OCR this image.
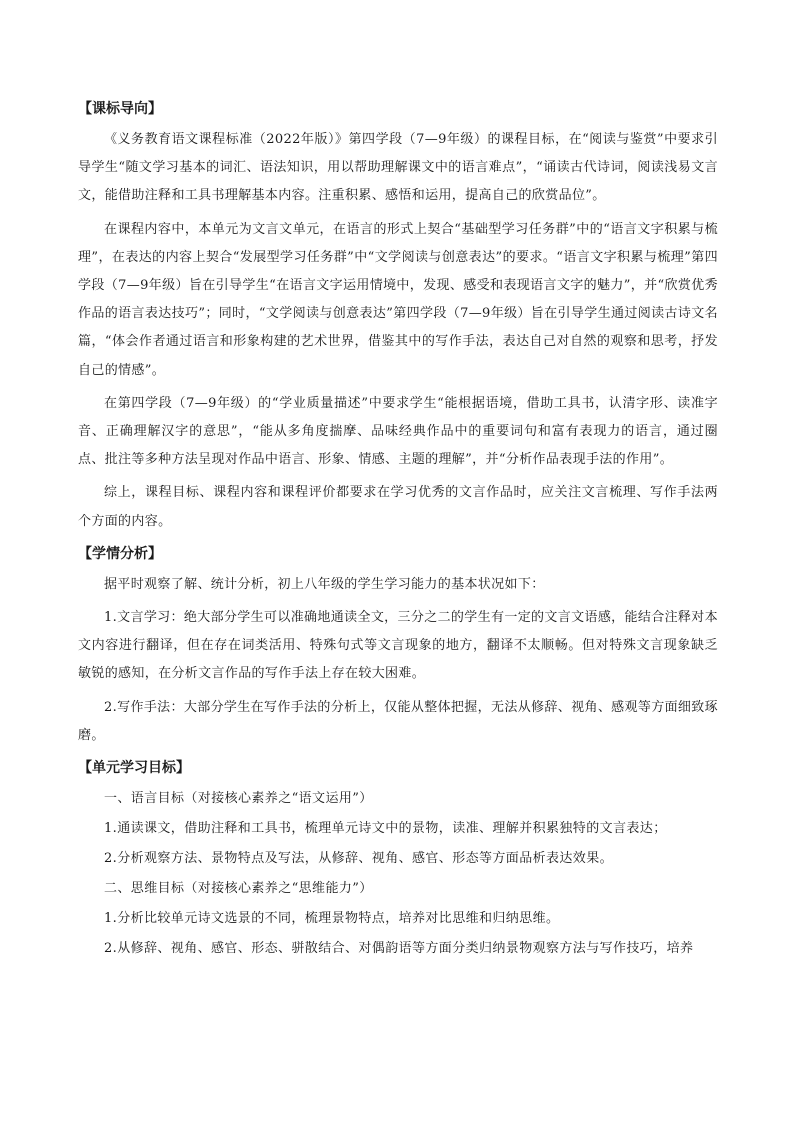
【课标导向】

《义务教育语文课程标准（2022年版）》第四学段（7—9年级）的课程目标，在“阅读与鉴赏”中要求引导学生“随文学习基本的词汇、语法知识，用以帮助理解课文中的语言难点”，“诵读古代诗词，阅读浅易文言文，能借助注释和工具书理解基本内容。注重积累、感悟和运用，提高自己的欣赏品位”。

在课程内容中，本单元为文言文单元，在语言的形式上契合“基础型学习任务群”中的“语言文字积累与梳理”，在表达的内容上契合“发展型学习任务群”中“文学阅读与创意表达”的要求。“语言文字积累与梳理”第四学段（7—9年级）旨在引导学生“在语言文字运用情境中，发现、感受和表现语言文字的魅力”，并“欣赏优秀作品的语言表达技巧”；同时，“文学阅读与创意表达”第四学段（7—9年级）旨在引导学生通过阅读古诗文名篇，“体会作者通过语言和形象构建的艺术世界，借鉴其中的写作手法，表达自己对自然的观察和思考，抒发自己的情感”。

在第四学段（7—9年级）的“学业质量描述”中要求学生“能根据语境，借助工具书，认清字形、读准字音、正确理解汉字的意思”，“能从多角度揣摩、品味经典作品中的重要词句和富有表现力的语言，通过圈点、批注等多种方法呈现对作品中语言、形象、情感、主题的理解”，并“分析作品表现手法的作用”。

综上，课程目标、课程内容和课程评价都要求在学习优秀的文言作品时，应关注文言梳理、写作手法两个方面的内容。

【学情分析】

据平时观察了解、统计分析，初上八年级的学生学习能力的基本状况如下：

1.文言学习：绝大部分学生可以准确地通读全文，三分之二的学生有一定的文言文语感，能结合注释对本文内容进行翻译，但在存在词类活用、特殊句式等文言现象的地方，翻译不太顺畅。但对特殊文言现象缺乏敏锐的感知，在分析文言作品的写作手法上存在较大困难。

2.写作手法：大部分学生在写作手法的分析上，仅能从整体把握，无法从修辞、视角、感观等方面细致琢磨。

【单元学习目标】

一、语言目标（对接核心素养之“语文运用”）

1.通读课文，借助注释和工具书，梳理单元诗文中的景物，读准、理解并积累独特的文言表达；

2.分析观察方法、景物特点及写法，从修辞、视角、感官、形态等方面品析表达效果。

二、思维目标（对接核心素养之“思维能力”）

1.分析比较单元诗文选景的不同，梳理景物特点，培养对比思维和归纳思维。

2.从修辞、视角、感官、形态、骈散结合、对偶韵语等方面分类归纳景物观察方法与写作技巧，培养
